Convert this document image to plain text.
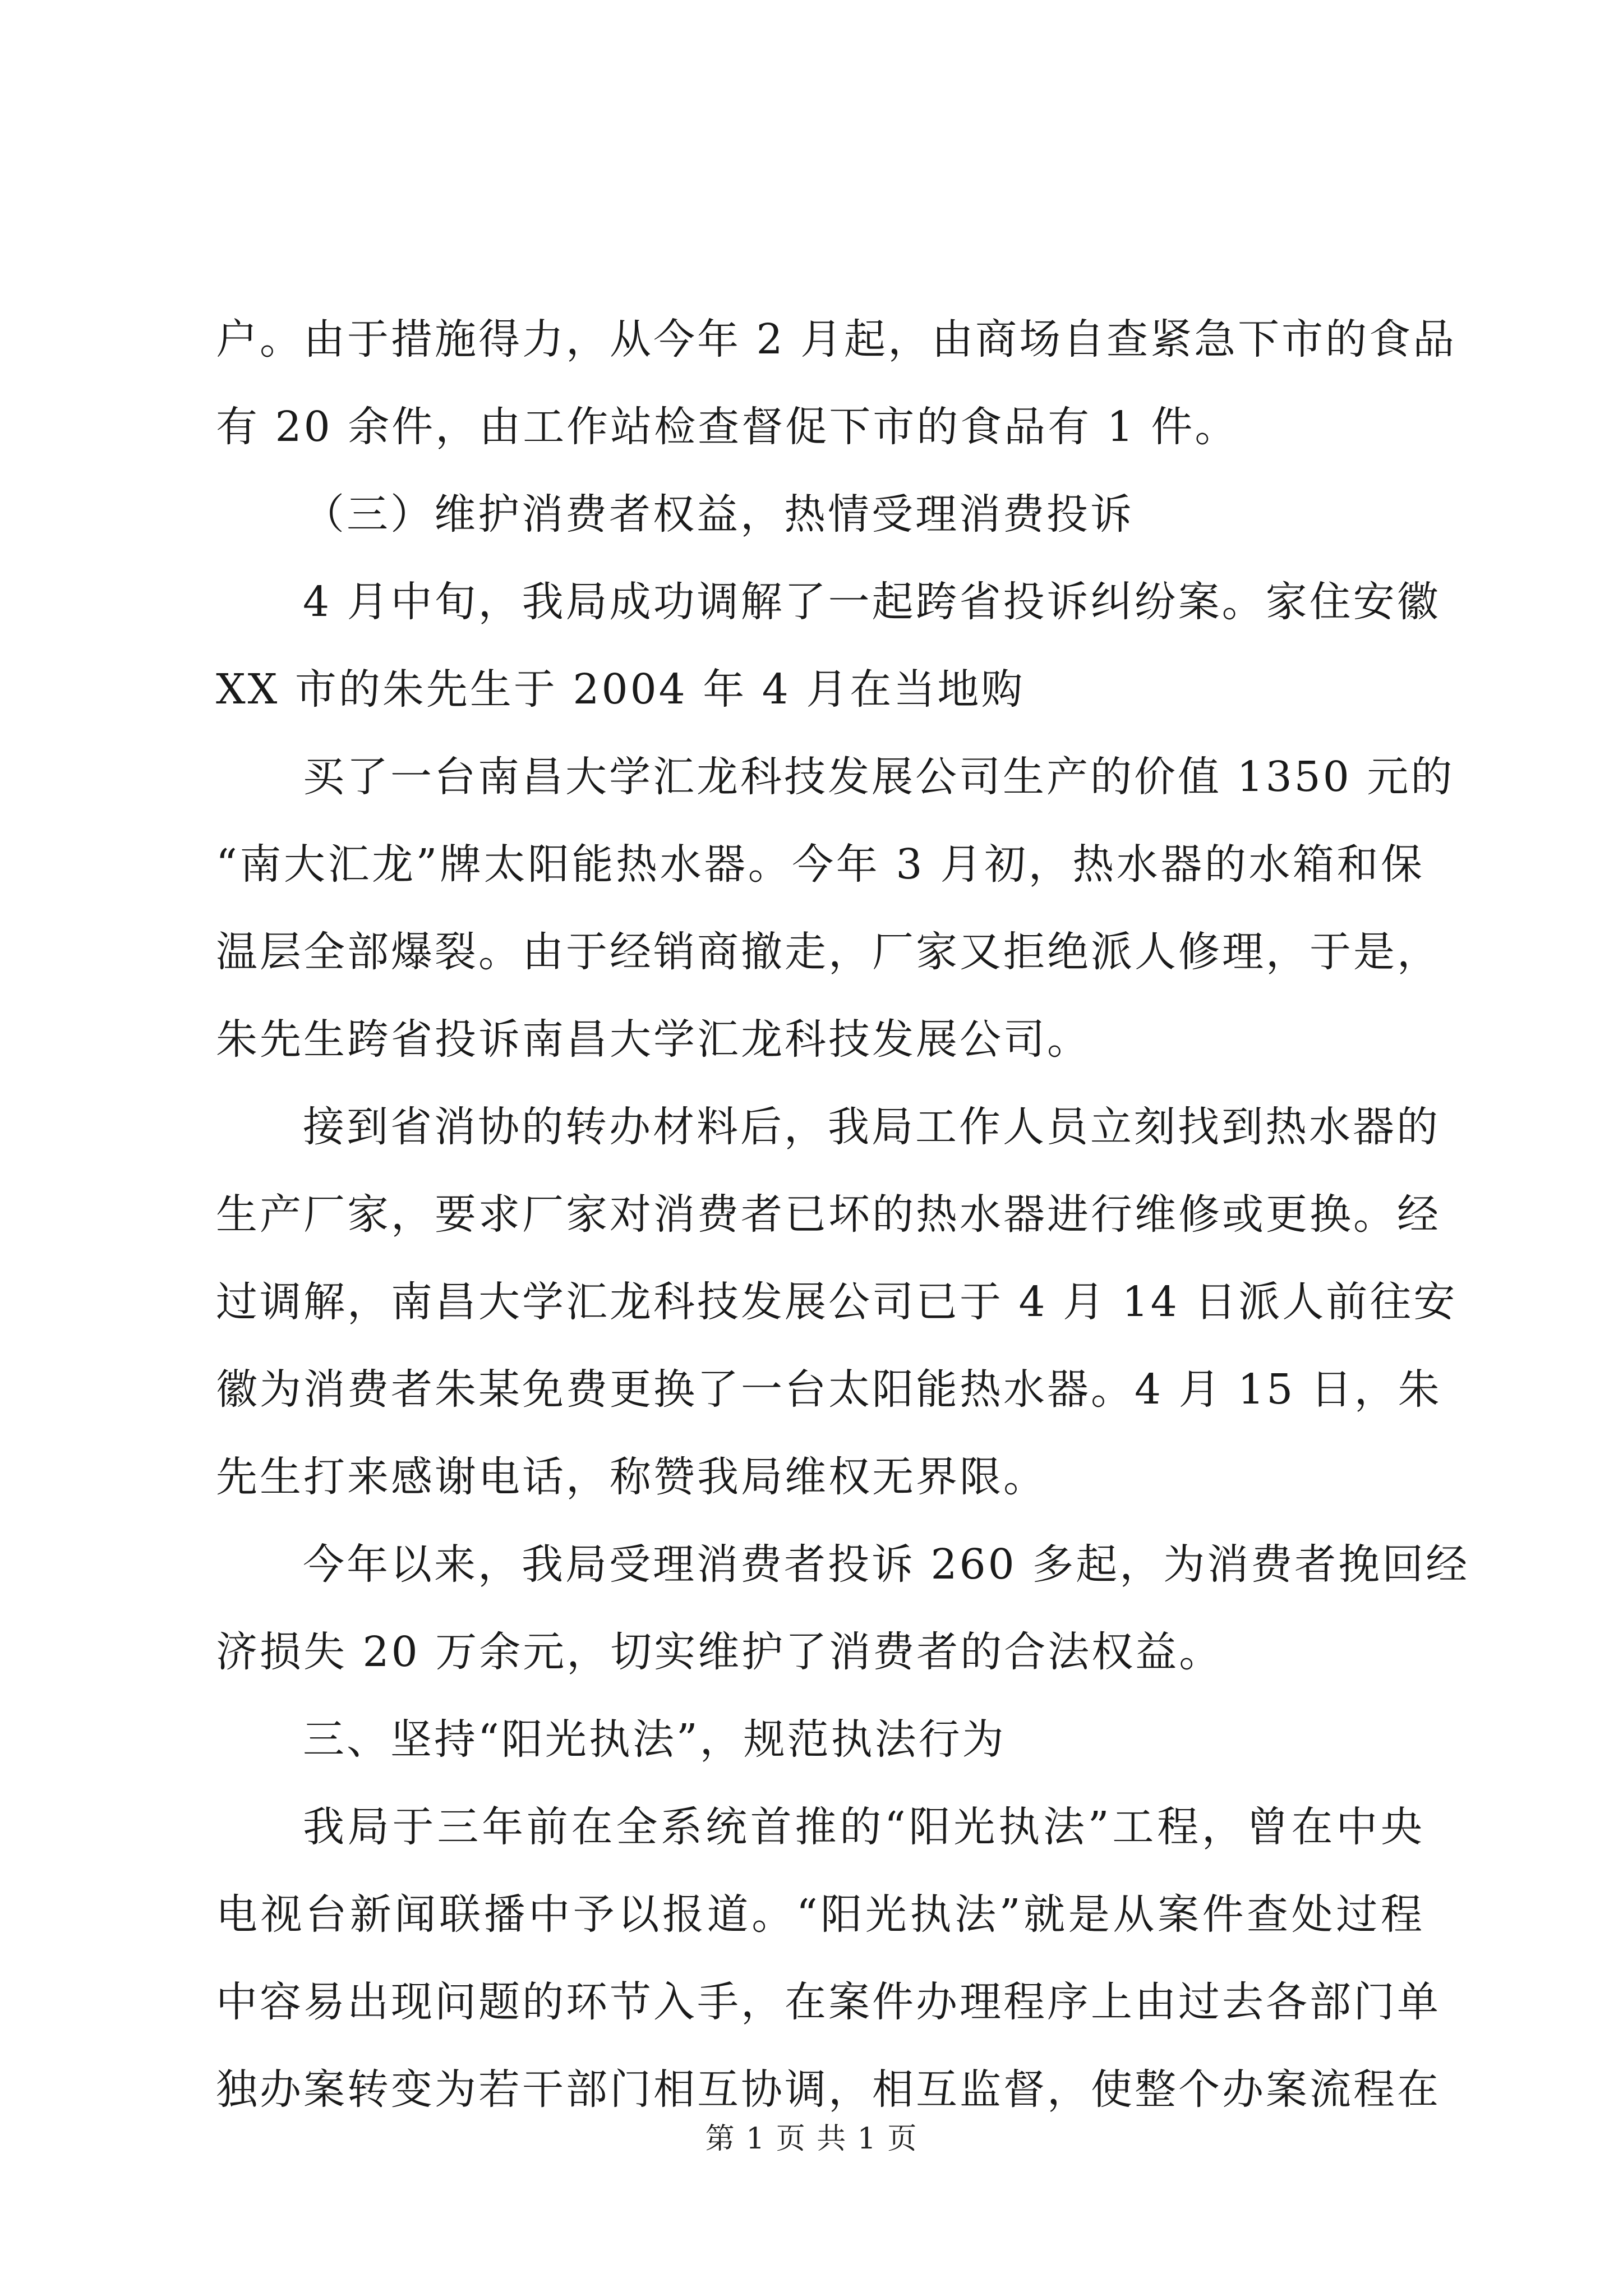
户。由于措施得力，从今年 2 月起，由商场自查紧急下市的食品
有 20 余件，由工作站检查督促下市的食品有 1 件。
（三）维护消费者权益，热情受理消费投诉
4 月中旬，我局成功调解了一起跨省投诉纠纷案。家住安徽
XX 市的朱先生于 2004 年 4 月在当地购
买了一台南昌大学汇龙科技发展公司生产的价值 1350 元的
“南大汇龙”牌太阳能热水器。今年 3 月初，热水器的水箱和保
温层全部爆裂。由于经销商撤走，厂家又拒绝派人修理，于是，
朱先生跨省投诉南昌大学汇龙科技发展公司。
接到省消协的转办材料后，我局工作人员立刻找到热水器的
生产厂家，要求厂家对消费者已坏的热水器进行维修或更换。经
过调解，南昌大学汇龙科技发展公司已于 4 月 14 日派人前往安
徽为消费者朱某免费更换了一台太阳能热水器。4 月 15 日，朱
先生打来感谢电话，称赞我局维权无界限。
今年以来，我局受理消费者投诉 260 多起，为消费者挽回经
济损失 20 万余元，切实维护了消费者的合法权益。
三、坚持“阳光执法”，规范执法行为
我局于三年前在全系统首推的“阳光执法”工程，曾在中央
电视台新闻联播中予以报道。“阳光执法”就是从案件查处过程
中容易出现问题的环节入手，在案件办理程序上由过去各部门单
独办案转变为若干部门相互协调，相互监督，使整个办案流程在
第 1 页 共 1 页
